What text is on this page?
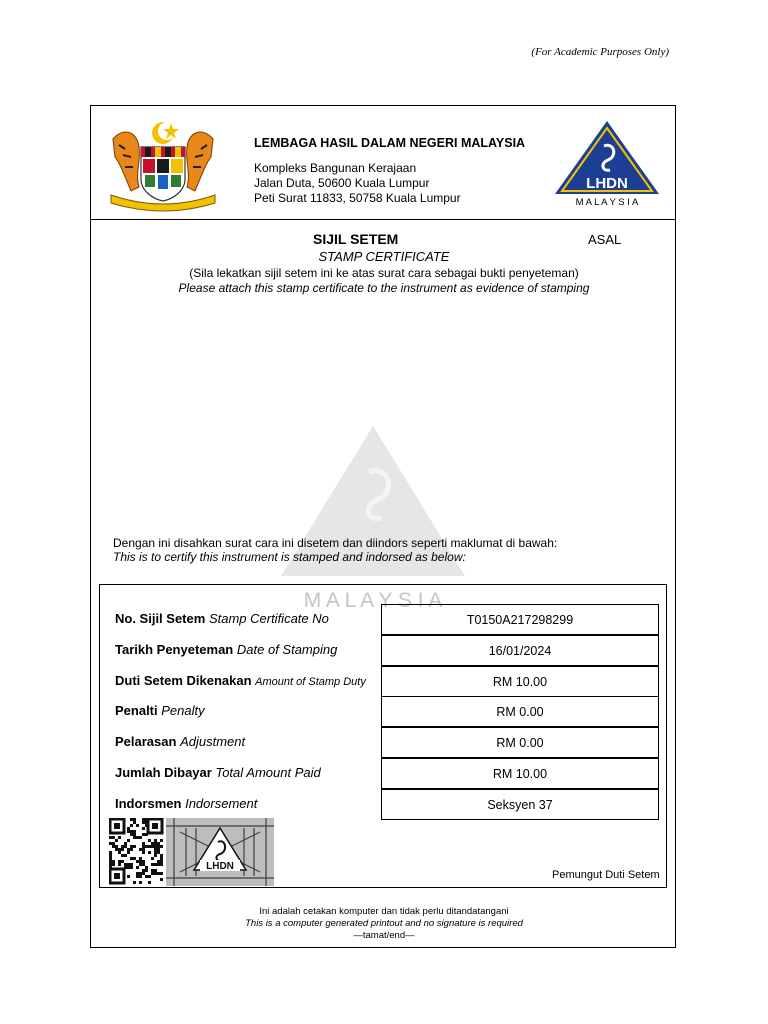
(For Academic Purposes Only)
LEMBAGA HASIL DALAM NEGERI MALAYSIA
Kompleks Bangunan Kerajaan
Jalan Duta, 50600 Kuala Lumpur
Peti Surat 11833, 50758 Kuala Lumpur
LHDN
M A L A Y S I A
SIJIL SETEM	ASAL
STAMP CERTIFICATE
(Sila lekatkan sijil setem ini ke atas surat cara sebagai bukti penyeteman)
Please attach this stamp certificate to the instrument as evidence of stamping
M A L A Y S I A
Dengan ini disahkan surat cara ini disetem dan diindors seperti maklumat di bawah:
This is to certify this instrument is stamped and indorsed as below:
No. Sijil Setem Stamp Certificate No	T0150A217298299
Tarikh Penyeteman Date of Stamping	16/01/2024
Duti Setem Dikenakan Amount of Stamp Duty	RM 10.00
Penalti Penalty	RM 0.00
Pelarasan Adjustment	RM 0.00
Jumlah Dibayar Total Amount Paid	RM 10.00
Indorsmen Indorsement	Seksyen 37
LHDN
Pemungut Duti Setem
Ini adalah cetakan komputer dan tidak perlu ditandatangani
This is a computer generated printout and no signature is required
—tamat/end—
